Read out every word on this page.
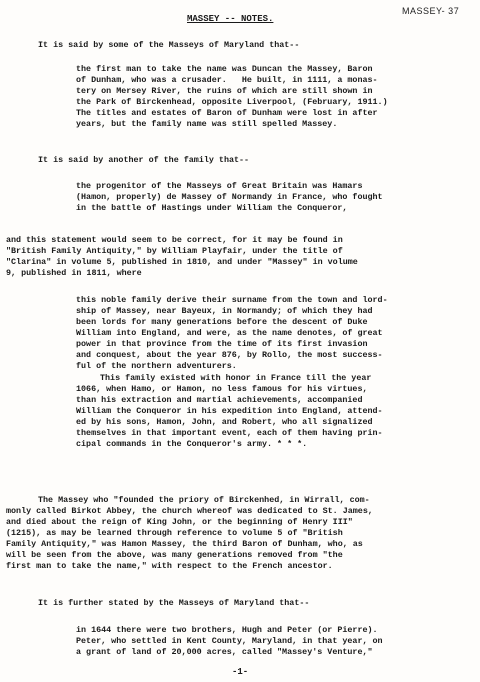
MASSEY- 37
MASSEY -- NOTES.
It is said by some of the Masseys of Maryland that--
the first man to take the name was Duncan the Massey, Baron
of Dunham, who was a crusader.   He built, in 1111, a monas-
tery on Mersey River, the ruins of which are still shown in
the Park of Birckenhead, opposite Liverpool, (February, 1911.)
The titles and estates of Baron of Dunham were lost in after
years, but the family name was still spelled Massey.
It is said by another of the family that--
the progenitor of the Masseys of Great Britain was Hamars
(Hamon, properly) de Massey of Normandy in France, who fought
in the battle of Hastings under William the Conqueror,
and this statement would seem to be correct, for it may be found in
"British Family Antiquity," by William Playfair, under the title of
"Clarina" in volume 5, published in 1810, and under "Massey" in volume
9, published in 1811, where
this noble family derive their surname from the town and lord-
ship of Massey, near Bayeux, in Normandy; of which they had
been lords for many generations before the descent of Duke
William into England, and were, as the name denotes, of great
power in that province from the time of its first invasion
and conquest, about the year 876, by Rollo, the most success-
ful of the northern adventurers.
This family existed with honor in France till the year
1066, when Hamo, or Hamon, no less famous for his virtues,
than his extraction and martial achievements, accompanied
William the Conqueror in his expedition into England, attend-
ed by his sons, Hamon, John, and Robert, who all signalized
themselves in that important event, each of them having prin-
cipal commands in the Conqueror's army. * * *.
The Massey who "founded the priory of Birckenhed, in Wirrall, com-
monly called Birkot Abbey, the church whereof was dedicated to St. James,
and died about the reign of King John, or the beginning of Henry III"
(1215), as may be learned through reference to volume 5 of "British
Family Antiquity," was Hamon Massey, the third Baron of Dunham, who, as
will be seen from the above, was many generations removed from "the
first man to take the name," with respect to the French ancestor.
It is further stated by the Masseys of Maryland that--
in 1644 there were two brothers, Hugh and Peter (or Pierre).
Peter, who settled in Kent County, Maryland, in that year, on
a grant of land of 20,000 acres, called "Massey's Venture,"
-1-
